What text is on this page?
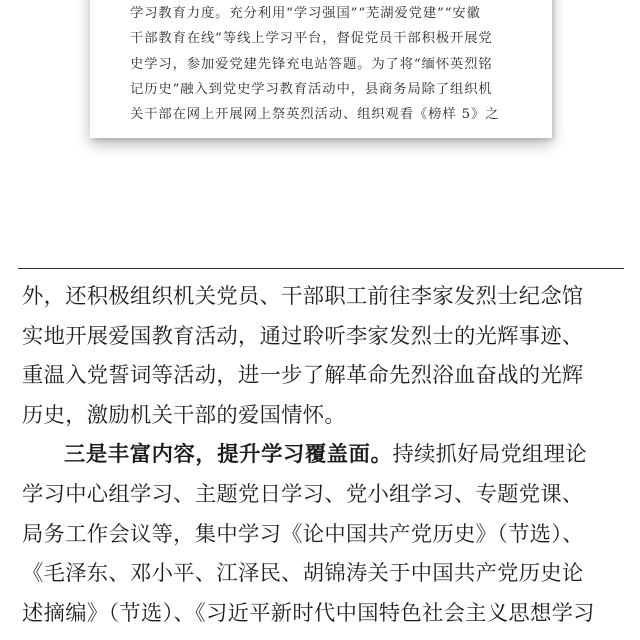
学习教育力度。充分利用“学习强国”“芜湖爱党建”“安徽
干部教育在线”等线上学习平台，督促党员干部积极开展党
史学习，参加爱党建先锋充电站答题。为了将“缅怀英烈铭
记历史”融入到党史学习教育活动中，县商务局除了组织机
关干部在网上开展网上祭英烈活动、组织观看《榜样 5》之
外，还积极组织机关党员、干部职工前往李家发烈士纪念馆
实地开展爱国教育活动，通过聆听李家发烈士的光辉事迹、
重温入党誓词等活动，进一步了解革命先烈浴血奋战的光辉
历史，激励机关干部的爱国情怀。
三是丰富内容，提升学习覆盖面。持续抓好局党组理论
学习中心组学习、主题党日学习、党小组学习、专题党课、
局务工作会议等，集中学习《论中国共产党历史》（节选）、
《毛泽东、邓小平、江泽民、胡锦涛关于中国共产党历史论
述摘编》（节选）、《习近平新时代中国特色社会主义思想学习
